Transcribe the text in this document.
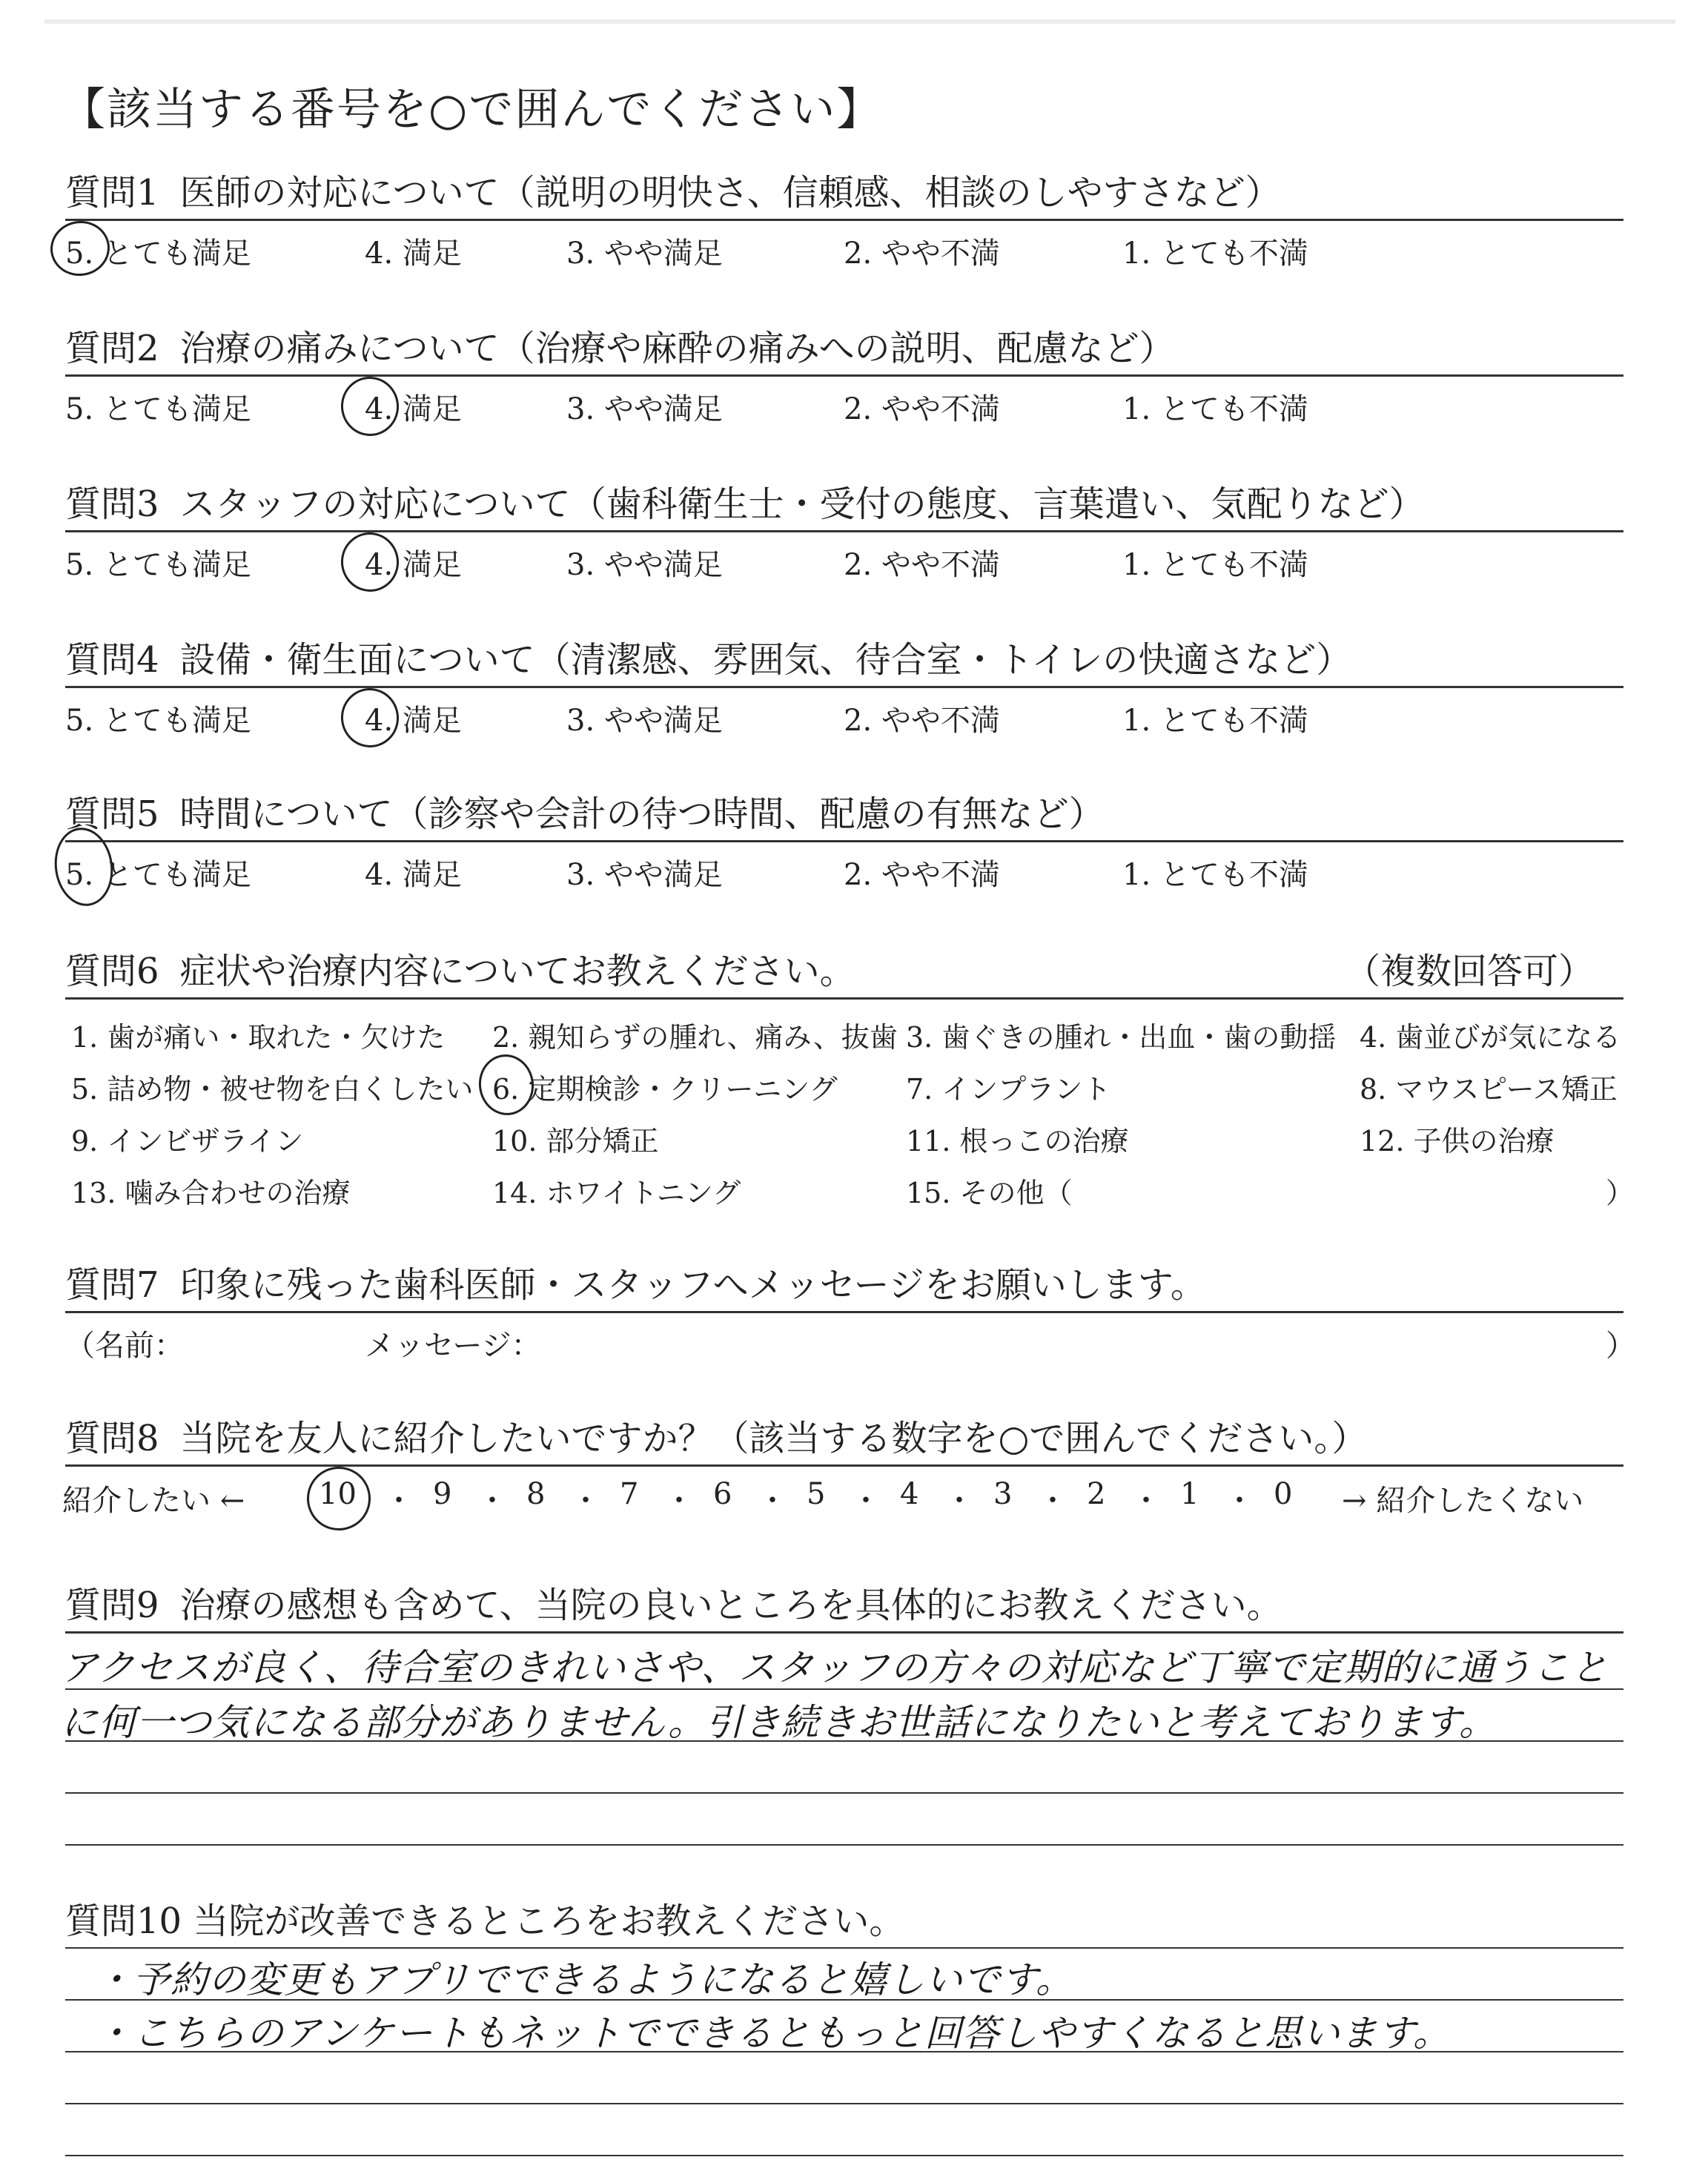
【該当する番号を○で囲んでください】
質問1 医師の対応について（説明の明快さ、信頼感、相談のしやすさなど）
5. とても満足	4. 満足	3. やや満足	2. やや不満	1. とても不満
質問2 治療の痛みについて（治療や麻酔の痛みへの説明、配慮など）
5. とても満足	4. 満足	3. やや満足	2. やや不満	1. とても不満
質問3 スタッフの対応について（歯科衛生士・受付の態度、言葉遣い、気配りなど）
5. とても満足	4. 満足	3. やや満足	2. やや不満	1. とても不満
質問4 設備・衛生面について（清潔感、雰囲気、待合室・トイレの快適さなど）
5. とても満足	4. 満足	3. やや満足	2. やや不満	1. とても不満
質問5 時間について（診察や会計の待つ時間、配慮の有無など）
5. とても満足	4. 満足	3. やや満足	2. やや不満	1. とても不満
質問6 症状や治療内容についてお教えください。	（複数回答可）
1. 歯が痛い・取れた・欠けた 2. 親知らずの腫れ、痛み、抜歯 3. 歯ぐきの腫れ・出血・歯の動揺 4. 歯並びが気になる
5. 詰め物・被せ物を白くしたい 6. 定期検診・クリーニング 7. インプラント	8. マウスピース矯正
9. インビザライン	10. 部分矯正	11. 根っこの治療	12. 子供の治療
13. 噛み合わせの治療	14. ホワイトニング	15. その他（	）
質問7 印象に残った歯科医師・スタッフへメッセージをお願いします。
（名前：	メッセージ：	）
質問8 当院を友人に紹介したいですか？（該当する数字を○で囲んでください。）
紹介したい ← 10 ・ 9 ・ 8 ・ 7 ・ 6 ・ 5 ・ 4 ・ 3 ・ 2 ・ 1 ・ 0 → 紹介したくない
質問9 治療の感想も含めて、当院の良いところを具体的にお教えください。
アクセスが良く、待合室のきれいさや、スタッフの方々の対応など丁寧で定期的に通うこと
に何一つ気になる部分がありません。引き続きお世話になりたいと考えております。
質問10 当院が改善できるところをお教えください。
・予約の変更もアプリでできるようになると嬉しいです。
・こちらのアンケートもネットでできるともっと回答しやすくなると思います。
